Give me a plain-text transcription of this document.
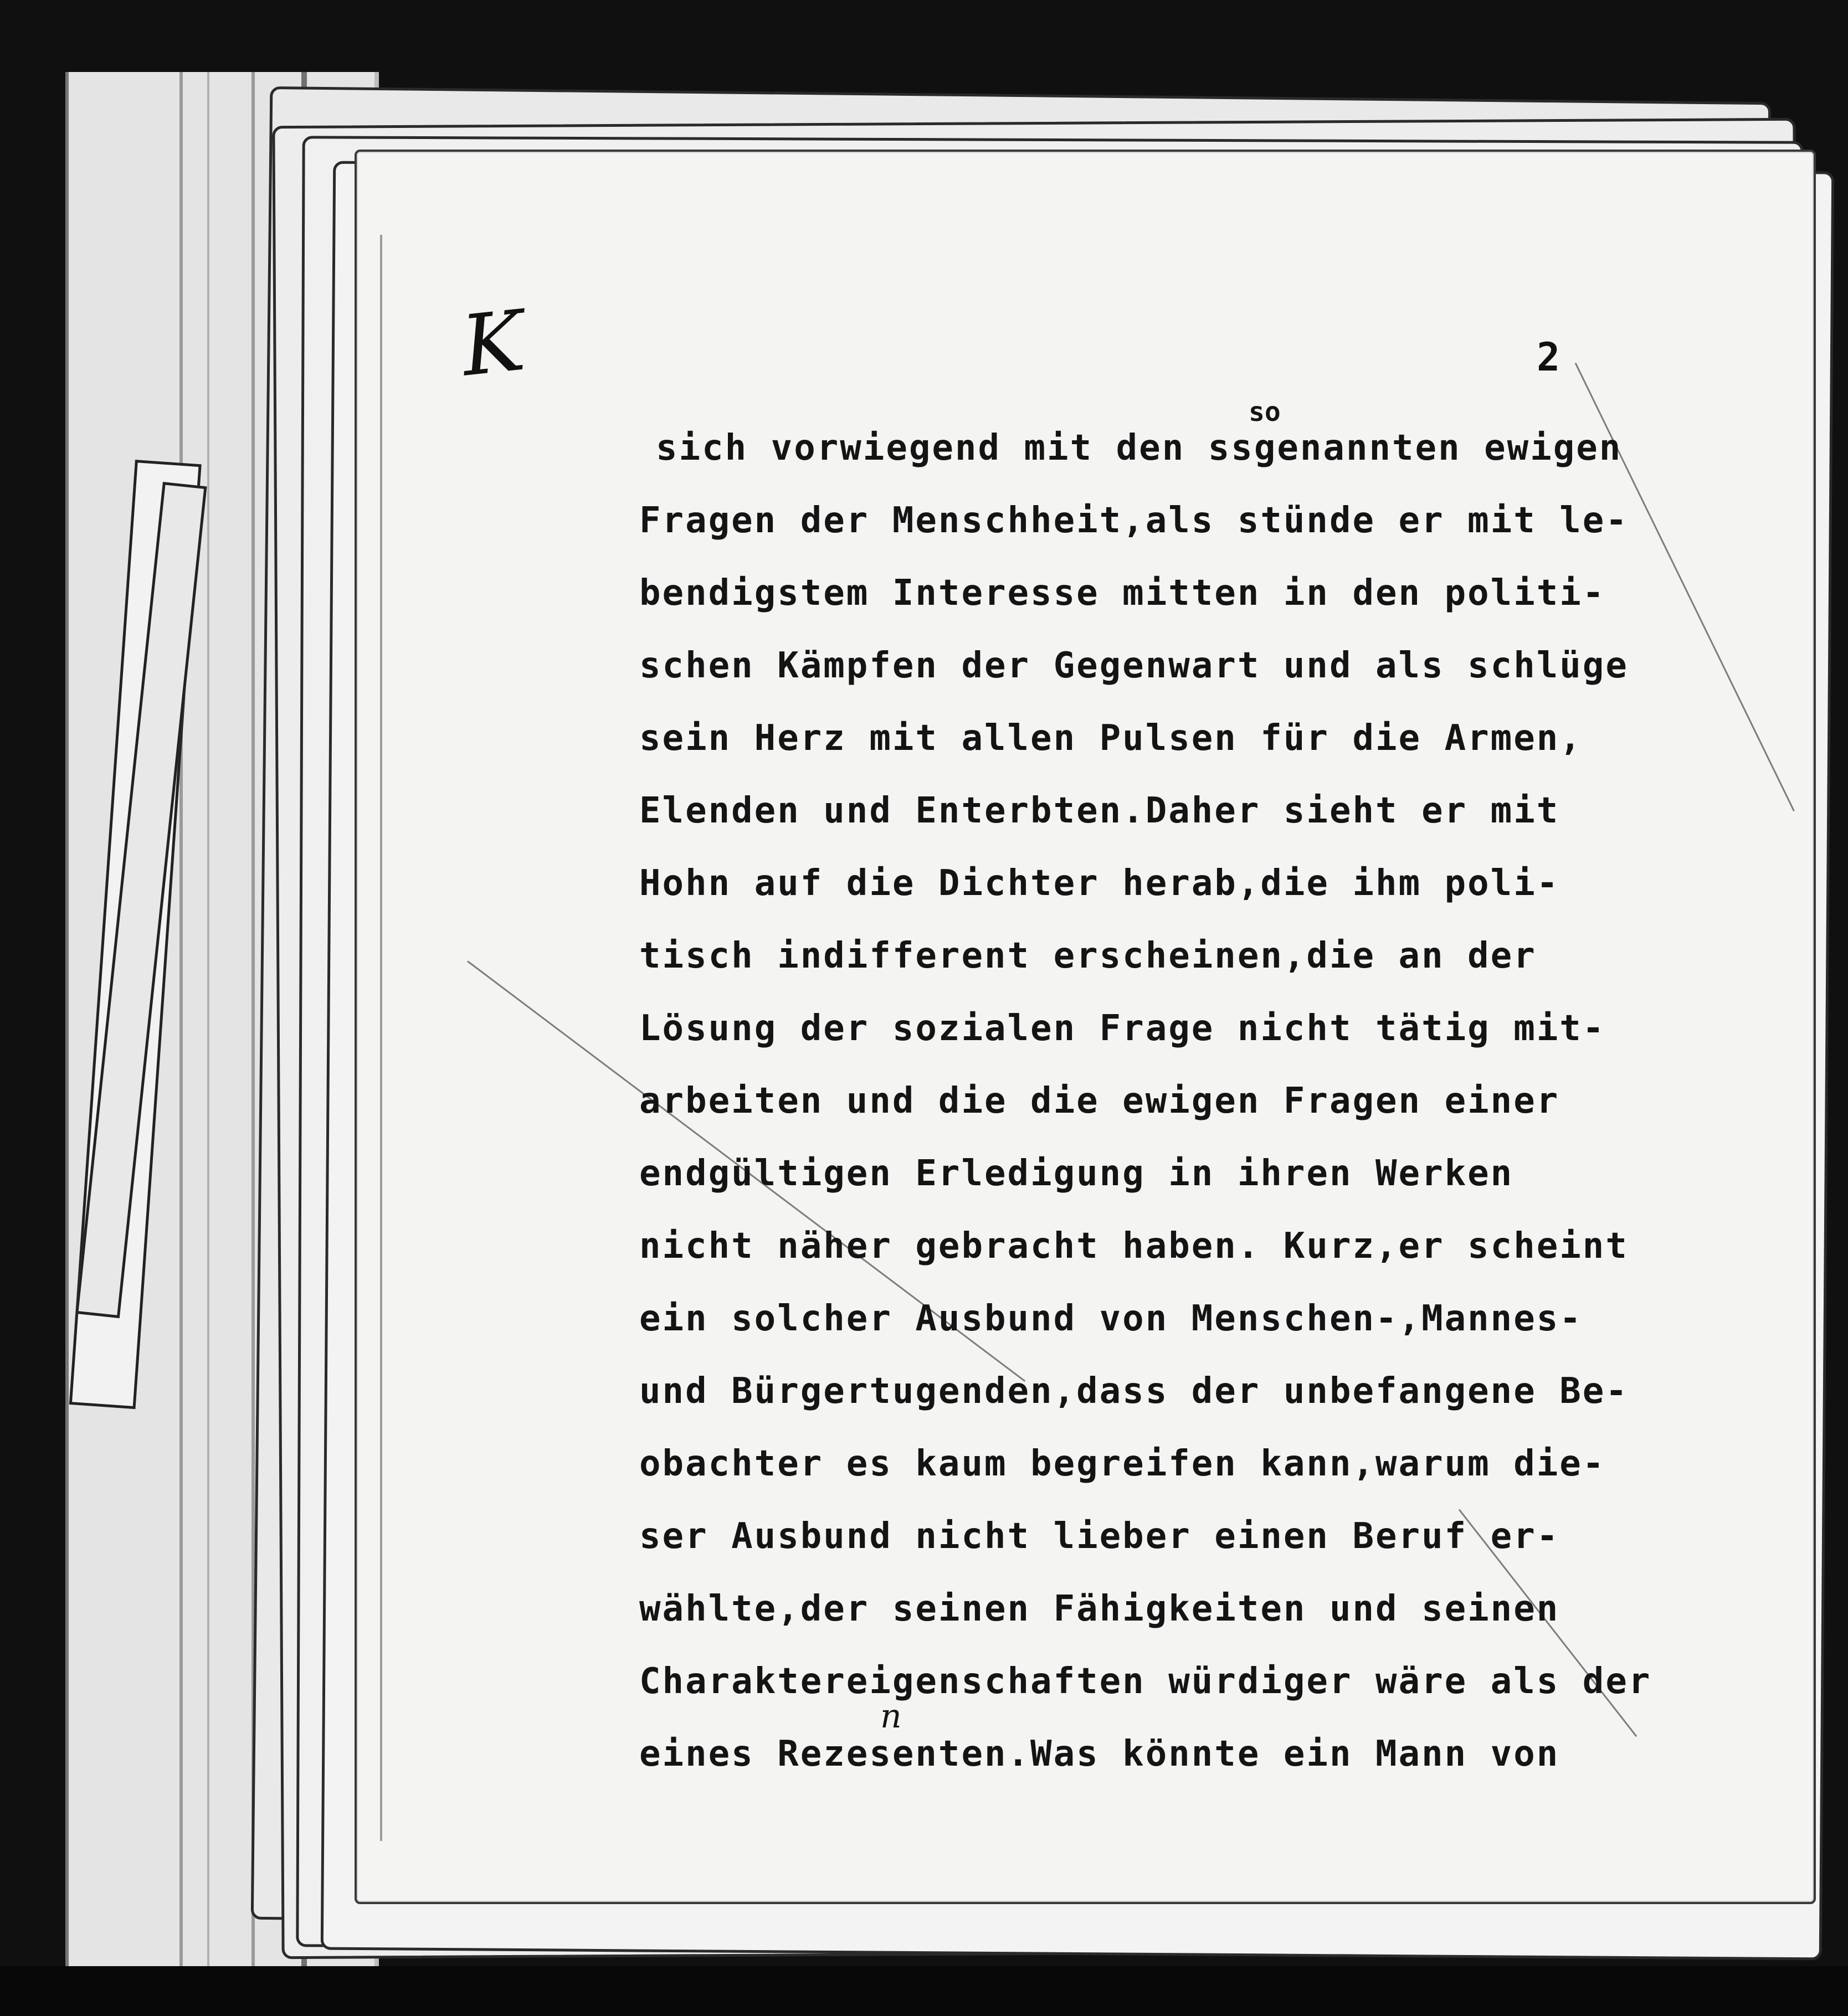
K	2

so

n

sich vorwiegend mit den ssgenannten ewigen
Fragen der Menschheit,als stünde er mit le-
bendigstem Interesse mitten in den politi-
schen Kämpfen der Gegenwart und als schlüge
sein Herz mit allen Pulsen für die Armen,
Elenden und Enterbten.Daher sieht er mit
Hohn auf die Dichter herab,die ihm poli-
tisch indifferent erscheinen,die an der
Lösung der sozialen Frage nicht tätig mit-
arbeiten und die die ewigen Fragen einer
endgültigen Erledigung in ihren Werken
nicht näher gebracht haben. Kurz,er scheint
ein solcher Ausbund von Menschen-,Mannes-
und Bürgertugenden,dass der unbefangene Be-
obachter es kaum begreifen kann,warum die-
ser Ausbund nicht lieber einen Beruf er-
wählte,der seinen Fähigkeiten und seinen
Charaktereigenschaften würdiger wäre als der
eines Rezesenten.Was könnte ein Mann von
